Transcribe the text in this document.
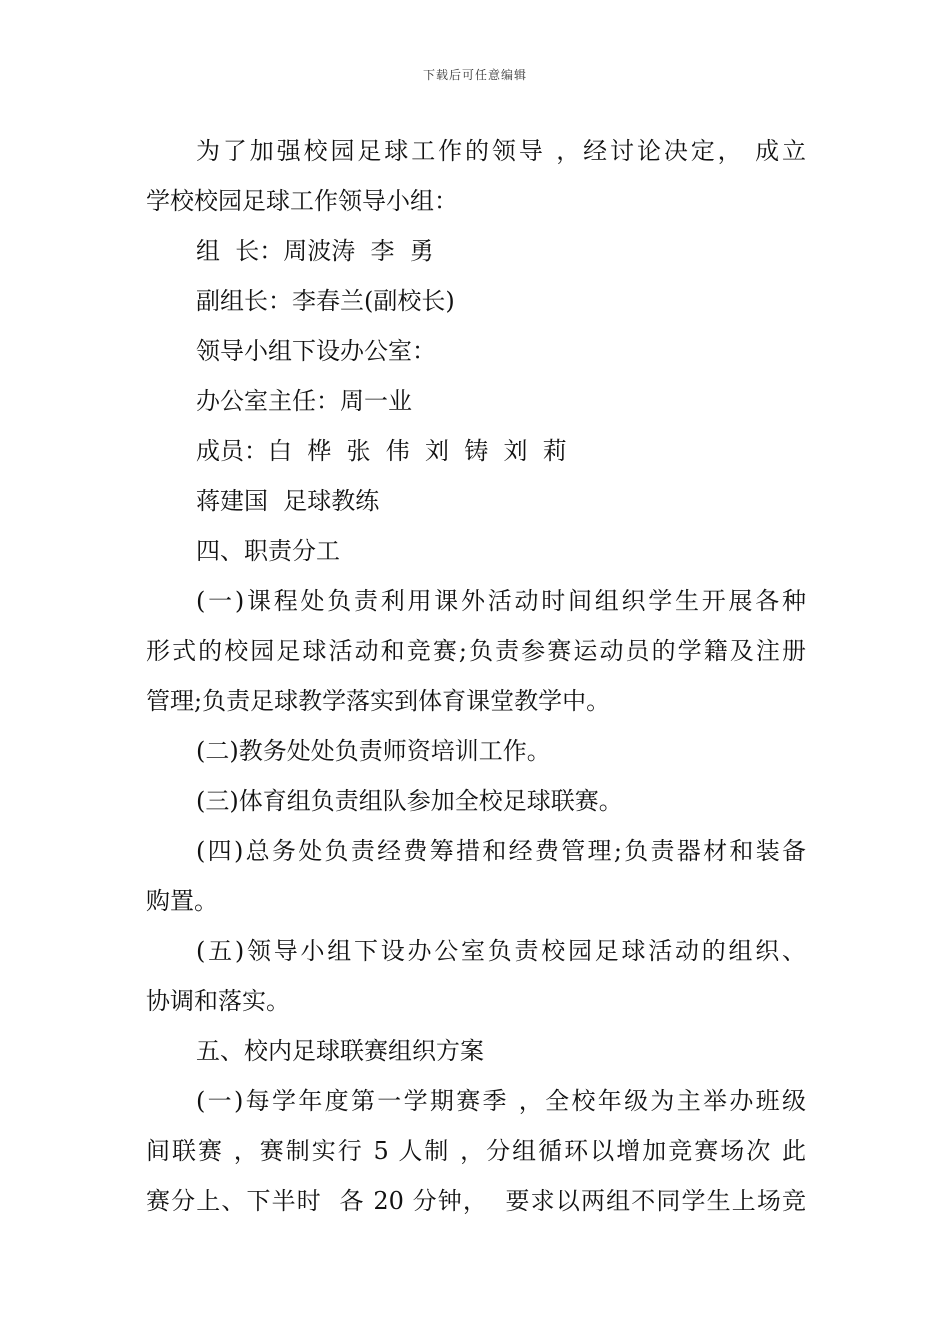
下载后可任意编辑
为了加强校园足球工作的领导 ，经讨论决定， 成立
学校校园足球工作领导小组：
组  长：周波涛  李  勇
副组长：李春兰(副校长)
领导小组下设办公室：
办公室主任：周一业
成员：白  桦  张  伟  刘  铸  刘  莉
蒋建国  足球教练
四、职责分工
(一)课程处负责利用课外活动时间组织学生开展各种
形式的校园足球活动和竞赛;负责参赛运动员的学籍及注册
管理;负责足球教学落实到体育课堂教学中。
(二)教务处处负责师资培训工作。
(三)体育组负责组队参加全校足球联赛。
(四)总务处负责经费筹措和经费管理;负责器材和装备
购置。
(五)领导小组下设办公室负责校园足球活动的组织、
协调和落实。
五、校内足球联赛组织方案
(一)每学年度第一学期赛季 ，全校年级为主举办班级
间联赛 ，赛制实行 5 人制 ，分组循环以增加竞赛场次 此
赛分上、下半时  各 20 分钟，  要求以两组不同学生上场竞
